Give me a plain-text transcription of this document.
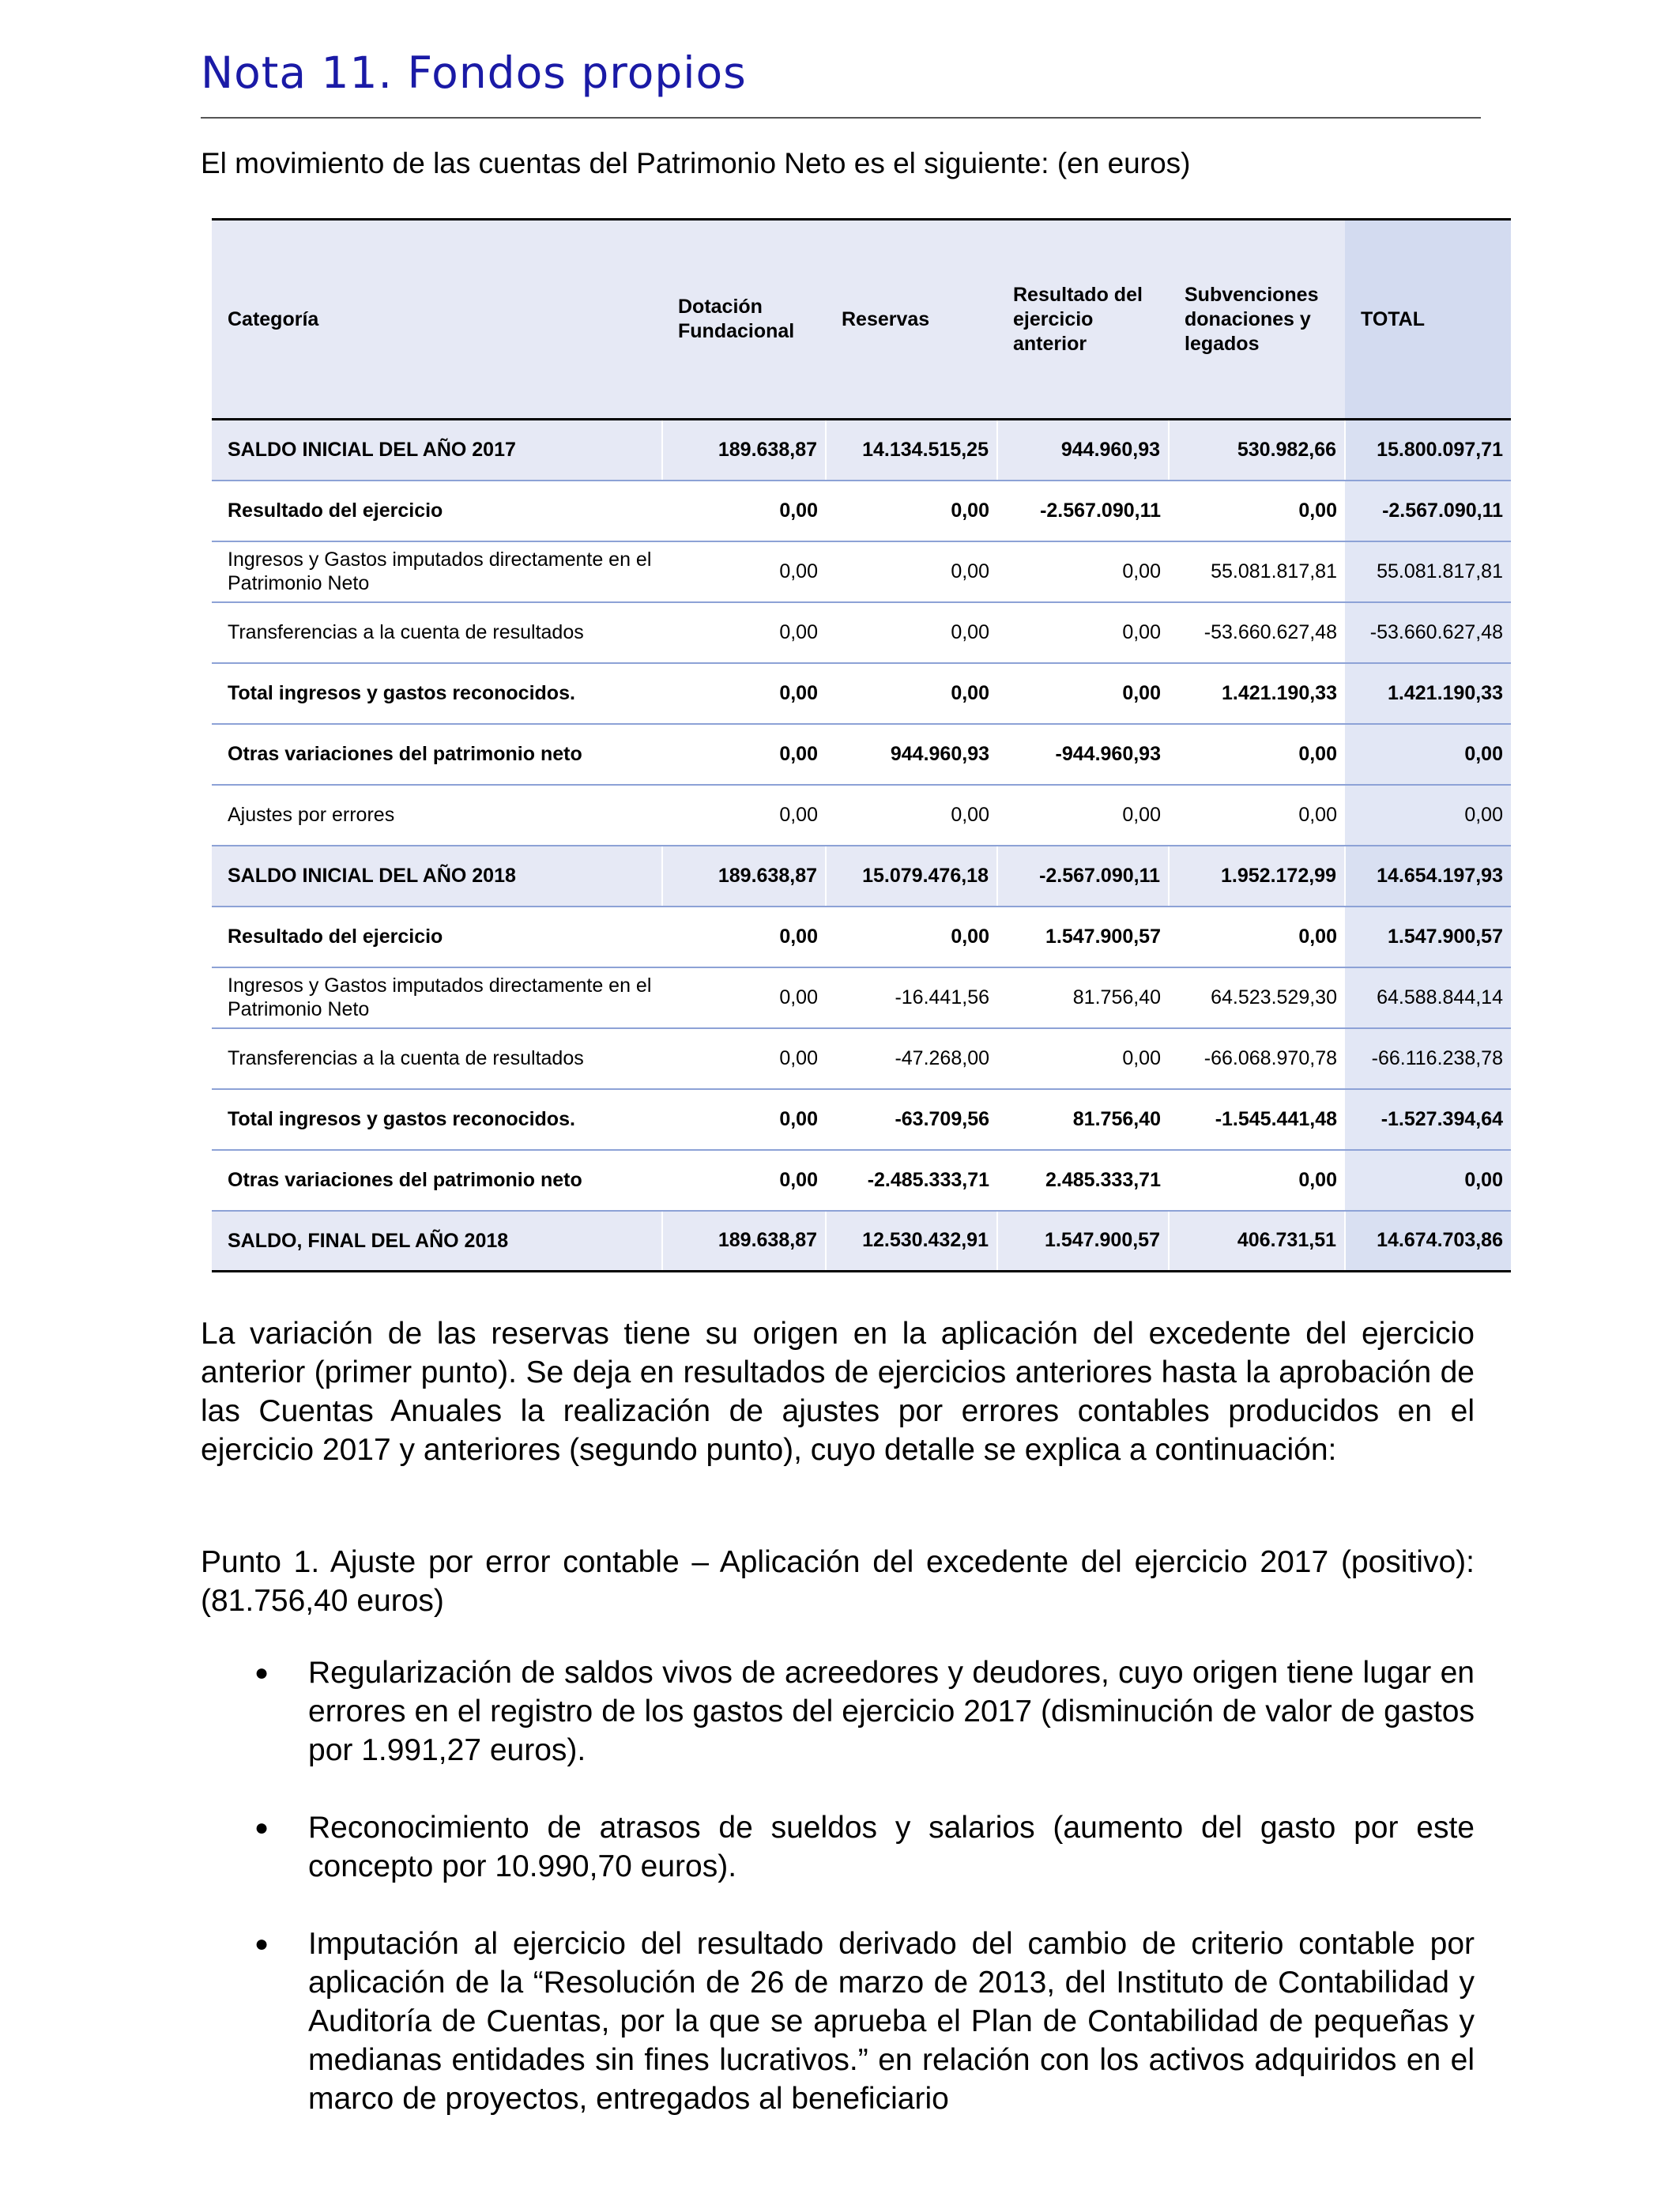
Nota 11. Fondos propios

El movimiento de las cuentas del Patrimonio Neto es el siguiente: (en euros)

Categoría	Dotación Fundacional	Reservas	Resultado del ejercicio anterior	Subvenciones donaciones y legados	TOTAL
SALDO INICIAL DEL AÑO 2017	189.638,87	14.134.515,25	944.960,93	530.982,66	15.800.097,71
Resultado del ejercicio	0,00	0,00	-2.567.090,11	0,00	-2.567.090,11
Ingresos y Gastos imputados directamente en el Patrimonio Neto	0,00	0,00	0,00	55.081.817,81	55.081.817,81
Transferencias a la cuenta de resultados	0,00	0,00	0,00	-53.660.627,48	-53.660.627,48
Total ingresos y gastos reconocidos.	0,00	0,00	0,00	1.421.190,33	1.421.190,33
Otras variaciones del patrimonio neto	0,00	944.960,93	-944.960,93	0,00	0,00
Ajustes por errores	0,00	0,00	0,00	0,00	0,00
SALDO INICIAL DEL AÑO 2018	189.638,87	15.079.476,18	-2.567.090,11	1.952.172,99	14.654.197,93
Resultado del ejercicio	0,00	0,00	1.547.900,57	0,00	1.547.900,57
Ingresos y Gastos imputados directamente en el Patrimonio Neto	0,00	-16.441,56	81.756,40	64.523.529,30	64.588.844,14
Transferencias a la cuenta de resultados	0,00	-47.268,00	0,00	-66.068.970,78	-66.116.238,78
Total ingresos y gastos reconocidos.	0,00	-63.709,56	81.756,40	-1.545.441,48	-1.527.394,64
Otras variaciones del patrimonio neto	0,00	-2.485.333,71	2.485.333,71	0,00	0,00
SALDO, FINAL DEL AÑO 2018	189.638,87	12.530.432,91	1.547.900,57	406.731,51	14.674.703,86

La variación de las reservas tiene su origen en la aplicación del excedente del ejercicio anterior (primer punto). Se deja en resultados de ejercicios anteriores hasta la aprobación de las Cuentas Anuales la realización de ajustes por errores contables producidos en el ejercicio 2017 y anteriores (segundo punto), cuyo detalle se explica a continuación:

Punto 1. Ajuste por error contable – Aplicación del excedente del ejercicio 2017 (positivo): (81.756,40 euros)

● Regularización de saldos vivos de acreedores y deudores, cuyo origen tiene lugar en errores en el registro de los gastos del ejercicio 2017 (disminución de valor de gastos por 1.991,27 euros).
● Reconocimiento de atrasos de sueldos y salarios (aumento del gasto por este concepto por 10.990,70 euros).
● Imputación al ejercicio del resultado derivado del cambio de criterio contable por aplicación de la “Resolución de 26 de marzo de 2013, del Instituto de Contabilidad y Auditoría de Cuentas, por la que se aprueba el Plan de Contabilidad de pequeñas y medianas entidades sin fines lucrativos.” en relación con los activos adquiridos en el marco de proyectos, entregados al beneficiario
